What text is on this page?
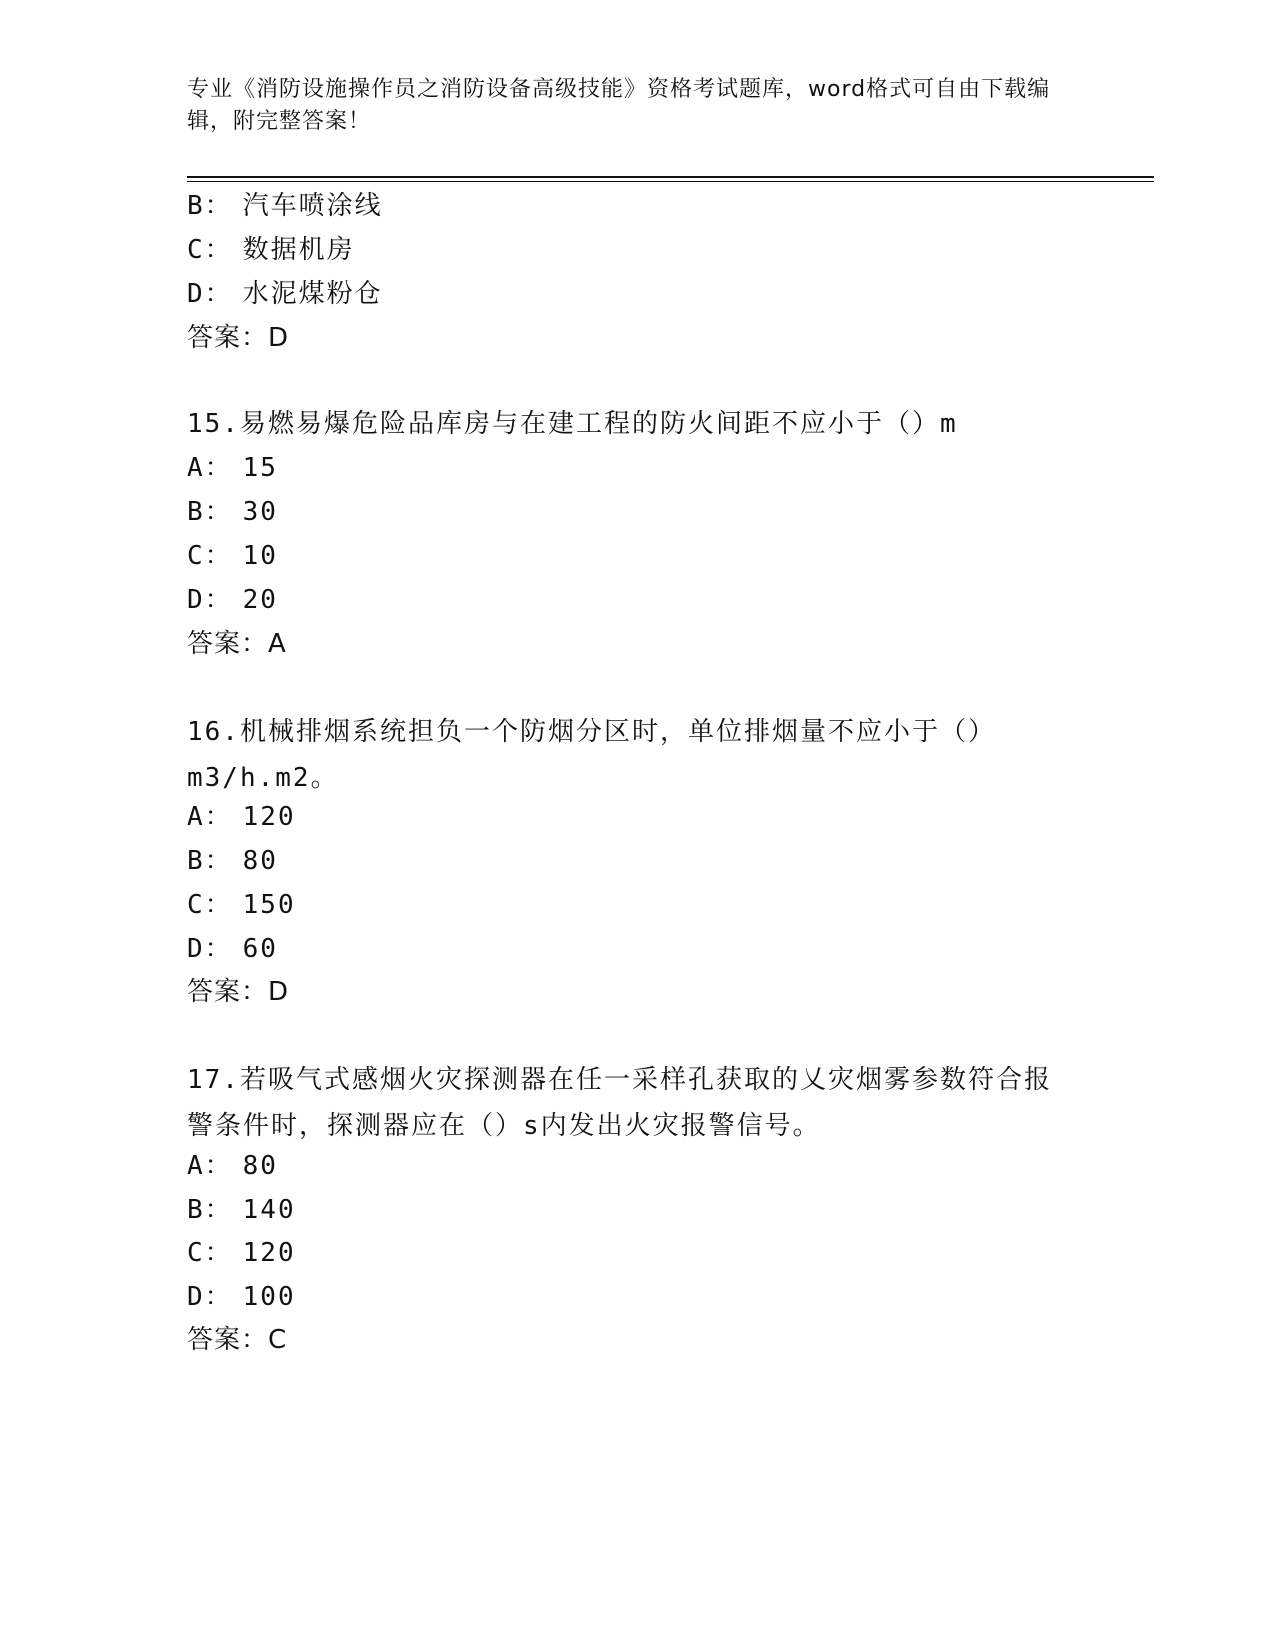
专业《消防设施操作员之消防设备高级技能》资格考试题库，word格式可自由下载编辑，附完整答案！
B： 汽车喷涂线
C： 数据机房
D： 水泥煤粉仓
答案：D
15.易燃易爆危险品库房与在建工程的防火间距不应小于（）m
A： 15
B： 30
C： 10
D： 20
答案：A
16.机械排烟系统担负一个防烟分区时，单位排烟量不应小于（）m3/h.m2。
A： 120
B： 80
C： 150
D： 60
答案：D
17.若吸气式感烟火灾探测器在任一采样孔获取的乂灾烟雾参数符合报警条件时，探测器应在（）s内发出火灾报警信号。
A： 80
B： 140
C： 120
D： 100
答案：C
